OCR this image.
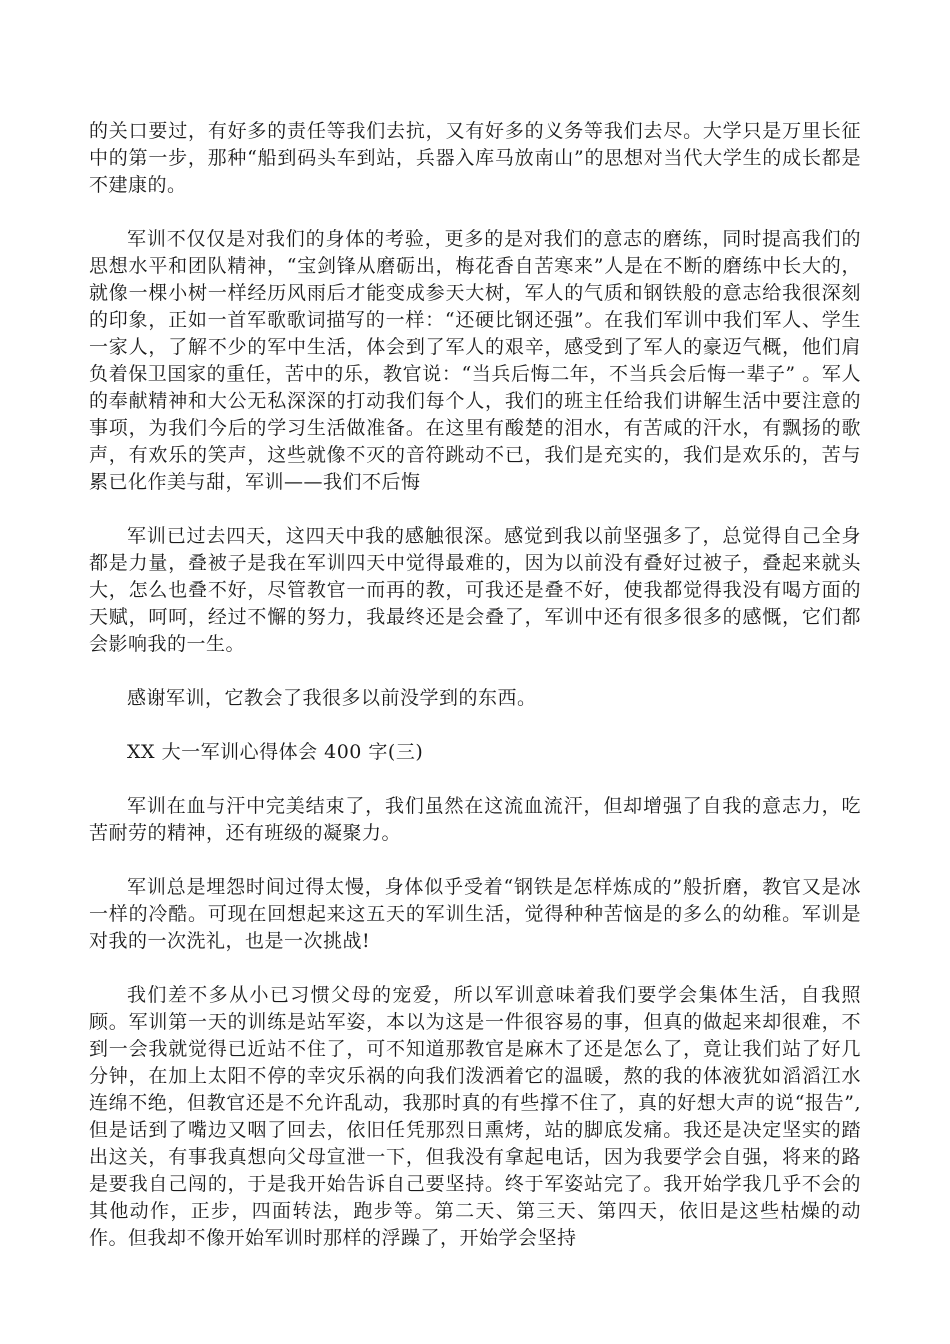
的关口要过，有好多的责任等我们去抗，又有好多的义务等我们去尽。大学只是万里长征中的第一步，那种“船到码头车到站，兵器入库马放南山”的思想对当代大学生的成长都是不建康的。

军训不仅仅是对我们的身体的考验，更多的是对我们的意志的磨练，同时提高我们的思想水平和团队精神，“宝剑锋从磨砺出，梅花香自苦寒来”人是在不断的磨练中长大的，就像一棵小树一样经历风雨后才能变成参天大树，军人的气质和钢铁般的意志给我很深刻的印象，正如一首军歌歌词描写的一样：“还硬比钢还强”。在我们军训中我们军人、学生一家人，了解不少的军中生活，体会到了军人的艰辛，感受到了军人的豪迈气概，他们肩负着保卫国家的重任，苦中的乐，教官说：“当兵后悔二年，不当兵会后悔一辈子” 。军人的奉献精神和大公无私深深的打动我们每个人，我们的班主任给我们讲解生活中要注意的事项，为我们今后的学习生活做准备。在这里有酸楚的泪水，有苦咸的汗水，有飘扬的歌声，有欢乐的笑声，这些就像不灭的音符跳动不已，我们是充实的，我们是欢乐的，苦与累已化作美与甜，军训——我们不后悔

军训已过去四天，这四天中我的感触很深。感觉到我以前坚强多了，总觉得自己全身都是力量，叠被子是我在军训四天中觉得最难的，因为以前没有叠好过被子，叠起来就头大，怎么也叠不好，尽管教官一而再的教，可我还是叠不好，使我都觉得我没有喝方面的天赋，呵呵，经过不懈的努力，我最终还是会叠了，军训中还有很多很多的感慨，它们都会影响我的一生。

感谢军训，它教会了我很多以前没学到的东西。

XX 大一军训心得体会 400 字(三)

军训在血与汗中完美结束了，我们虽然在这流血流汗，但却增强了自我的意志力，吃苦耐劳的精神，还有班级的凝聚力。

军训总是埋怨时间过得太慢，身体似乎受着“钢铁是怎样炼成的”般折磨，教官又是冰一样的冷酷。可现在回想起来这五天的军训生活，觉得种种苦恼是的多么的幼稚。军训是对我的一次洗礼，也是一次挑战!

我们差不多从小已习惯父母的宠爱，所以军训意味着我们要学会集体生活，自我照顾。军训第一天的训练是站军姿，本以为这是一件很容易的事，但真的做起来却很难，不到一会我就觉得已近站不住了，可不知道那教官是麻木了还是怎么了，竟让我们站了好几分钟，在加上太阳不停的幸灾乐祸的向我们泼洒着它的温暖，熬的我的体液犹如滔滔江水连绵不绝，但教官还是不允许乱动，我那时真的有些撑不住了，真的好想大声的说“报告”,但是话到了嘴边又咽了回去，依旧任凭那烈日熏烤，站的脚底发痛。我还是决定坚实的踏出这关，有事我真想向父母宣泄一下，但我没有拿起电话，因为我要学会自强，将来的路是要我自己闯的，于是我开始告诉自己要坚持。终于军姿站完了。我开始学我几乎不会的其他动作，正步，四面转法，跑步等。第二天、第三天、第四天，依旧是这些枯燥的动作。但我却不像开始军训时那样的浮躁了，开始学会坚持
